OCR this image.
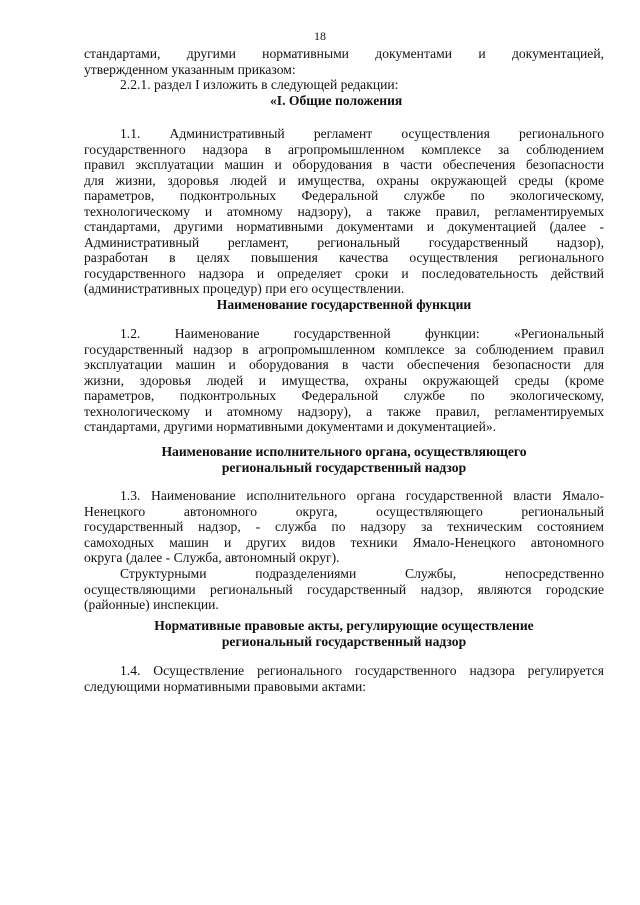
18
стандартами, другими нормативными документами и документацией,
утвержденном указанным приказом:
2.2.1. раздел I изложить в следующей редакции:
«I. Общие положения
1.1. Административный регламент осуществления регионального
государственного надзора в агропромышленном комплексе за соблюдением
правил эксплуатации машин и оборудования в части обеспечения безопасности
для жизни, здоровья людей и имущества, охраны окружающей среды (кроме
параметров, подконтрольных Федеральной службе по экологическому,
технологическому и атомному надзору), а также правил, регламентируемых
стандартами, другими нормативными документами и документацией (далее -
Административный регламент, региональный государственный надзор),
разработан в целях повышения качества осуществления регионального
государственного надзора и определяет сроки и последовательность действий
(административных процедур) при его осуществлении.
Наименование государственной функции
1.2. Наименование государственной функции: «Региональный
государственный надзор в агропромышленном комплексе за соблюдением правил
эксплуатации машин и оборудования в части обеспечения безопасности для
жизни, здоровья людей и имущества, охраны окружающей среды (кроме
параметров, подконтрольных Федеральной службе по экологическому,
технологическому и атомному надзору), а также правил, регламентируемых
стандартами, другими нормативными документами и документацией».
Наименование исполнительного органа, осуществляющего
региональный государственный надзор
1.3. Наименование исполнительного органа государственной власти Ямало-
Ненецкого автономного округа, осуществляющего региональный
государственный надзор, - служба по надзору за техническим состоянием
самоходных машин и других видов техники Ямало-Ненецкого автономного
округа (далее - Служба, автономный округ).
Структурными подразделениями Службы, непосредственно
осуществляющими региональный государственный надзор, являются городские
(районные) инспекции.
Нормативные правовые акты, регулирующие осуществление
региональный государственный надзор
1.4. Осуществление регионального государственного надзора регулируется
следующими нормативными правовыми актами:
